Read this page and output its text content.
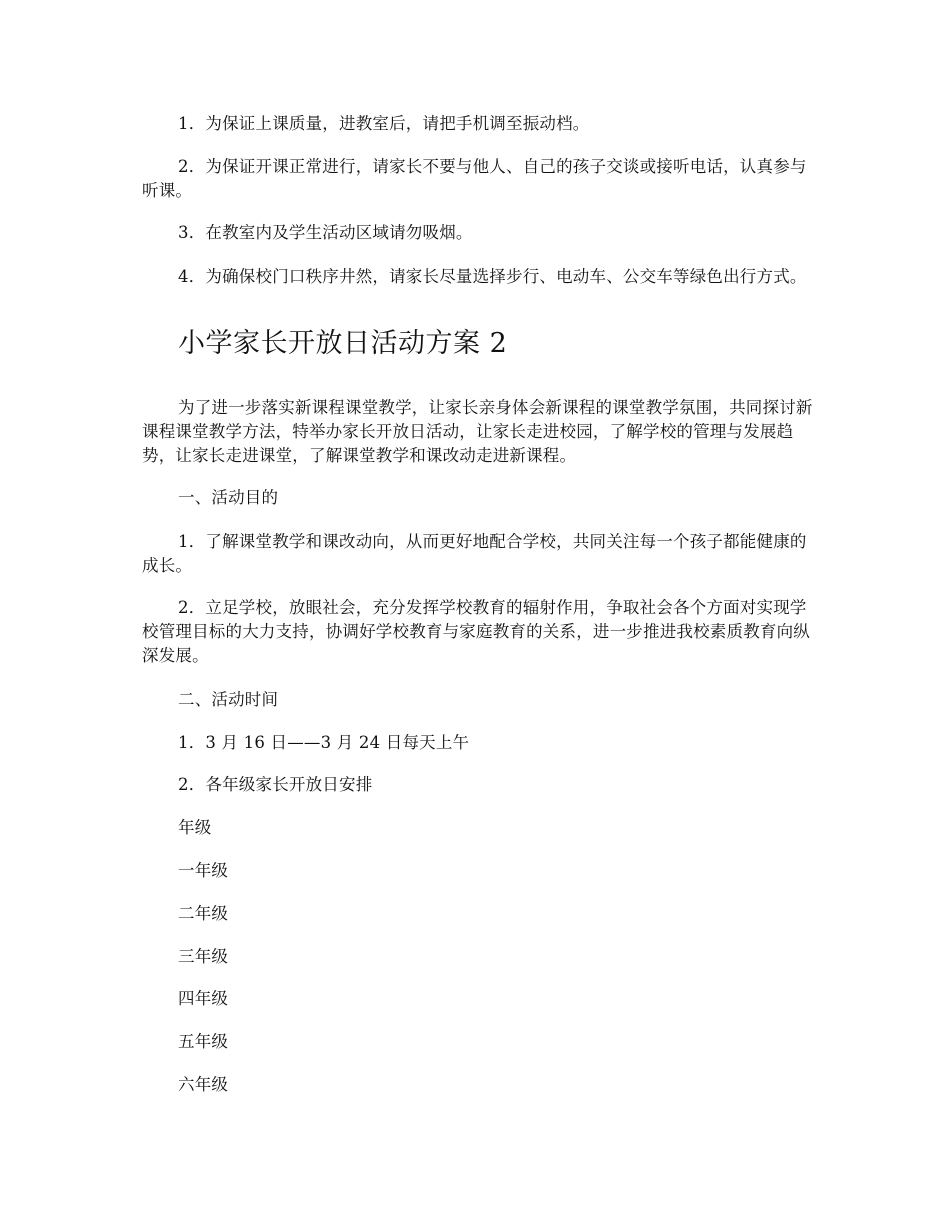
1．为保证上课质量，进教室后，请把手机调至振动档。

2．为保证开课正常进行，请家长不要与他人、自己的孩子交谈或接听电话，认真参与听课。

3．在教室内及学生活动区域请勿吸烟。

4．为确保校门口秩序井然，请家长尽量选择步行、电动车、公交车等绿色出行方式。

小学家长开放日活动方案 2

为了进一步落实新课程课堂教学，让家长亲身体会新课程的课堂教学氛围，共同探讨新课程课堂教学方法，特举办家长开放日活动，让家长走进校园，了解学校的管理与发展趋势，让家长走进课堂，了解课堂教学和课改动走进新课程。

一、活动目的

1．了解课堂教学和课改动向，从而更好地配合学校，共同关注每一个孩子都能健康的成长。

2．立足学校，放眼社会，充分发挥学校教育的辐射作用，争取社会各个方面对实现学校管理目标的大力支持，协调好学校教育与家庭教育的关系，进一步推进我校素质教育向纵深发展。

二、活动时间

1．3 月 16 日——3 月 24 日每天上午

2．各年级家长开放日安排

年级

一年级

二年级

三年级

四年级

五年级

六年级
